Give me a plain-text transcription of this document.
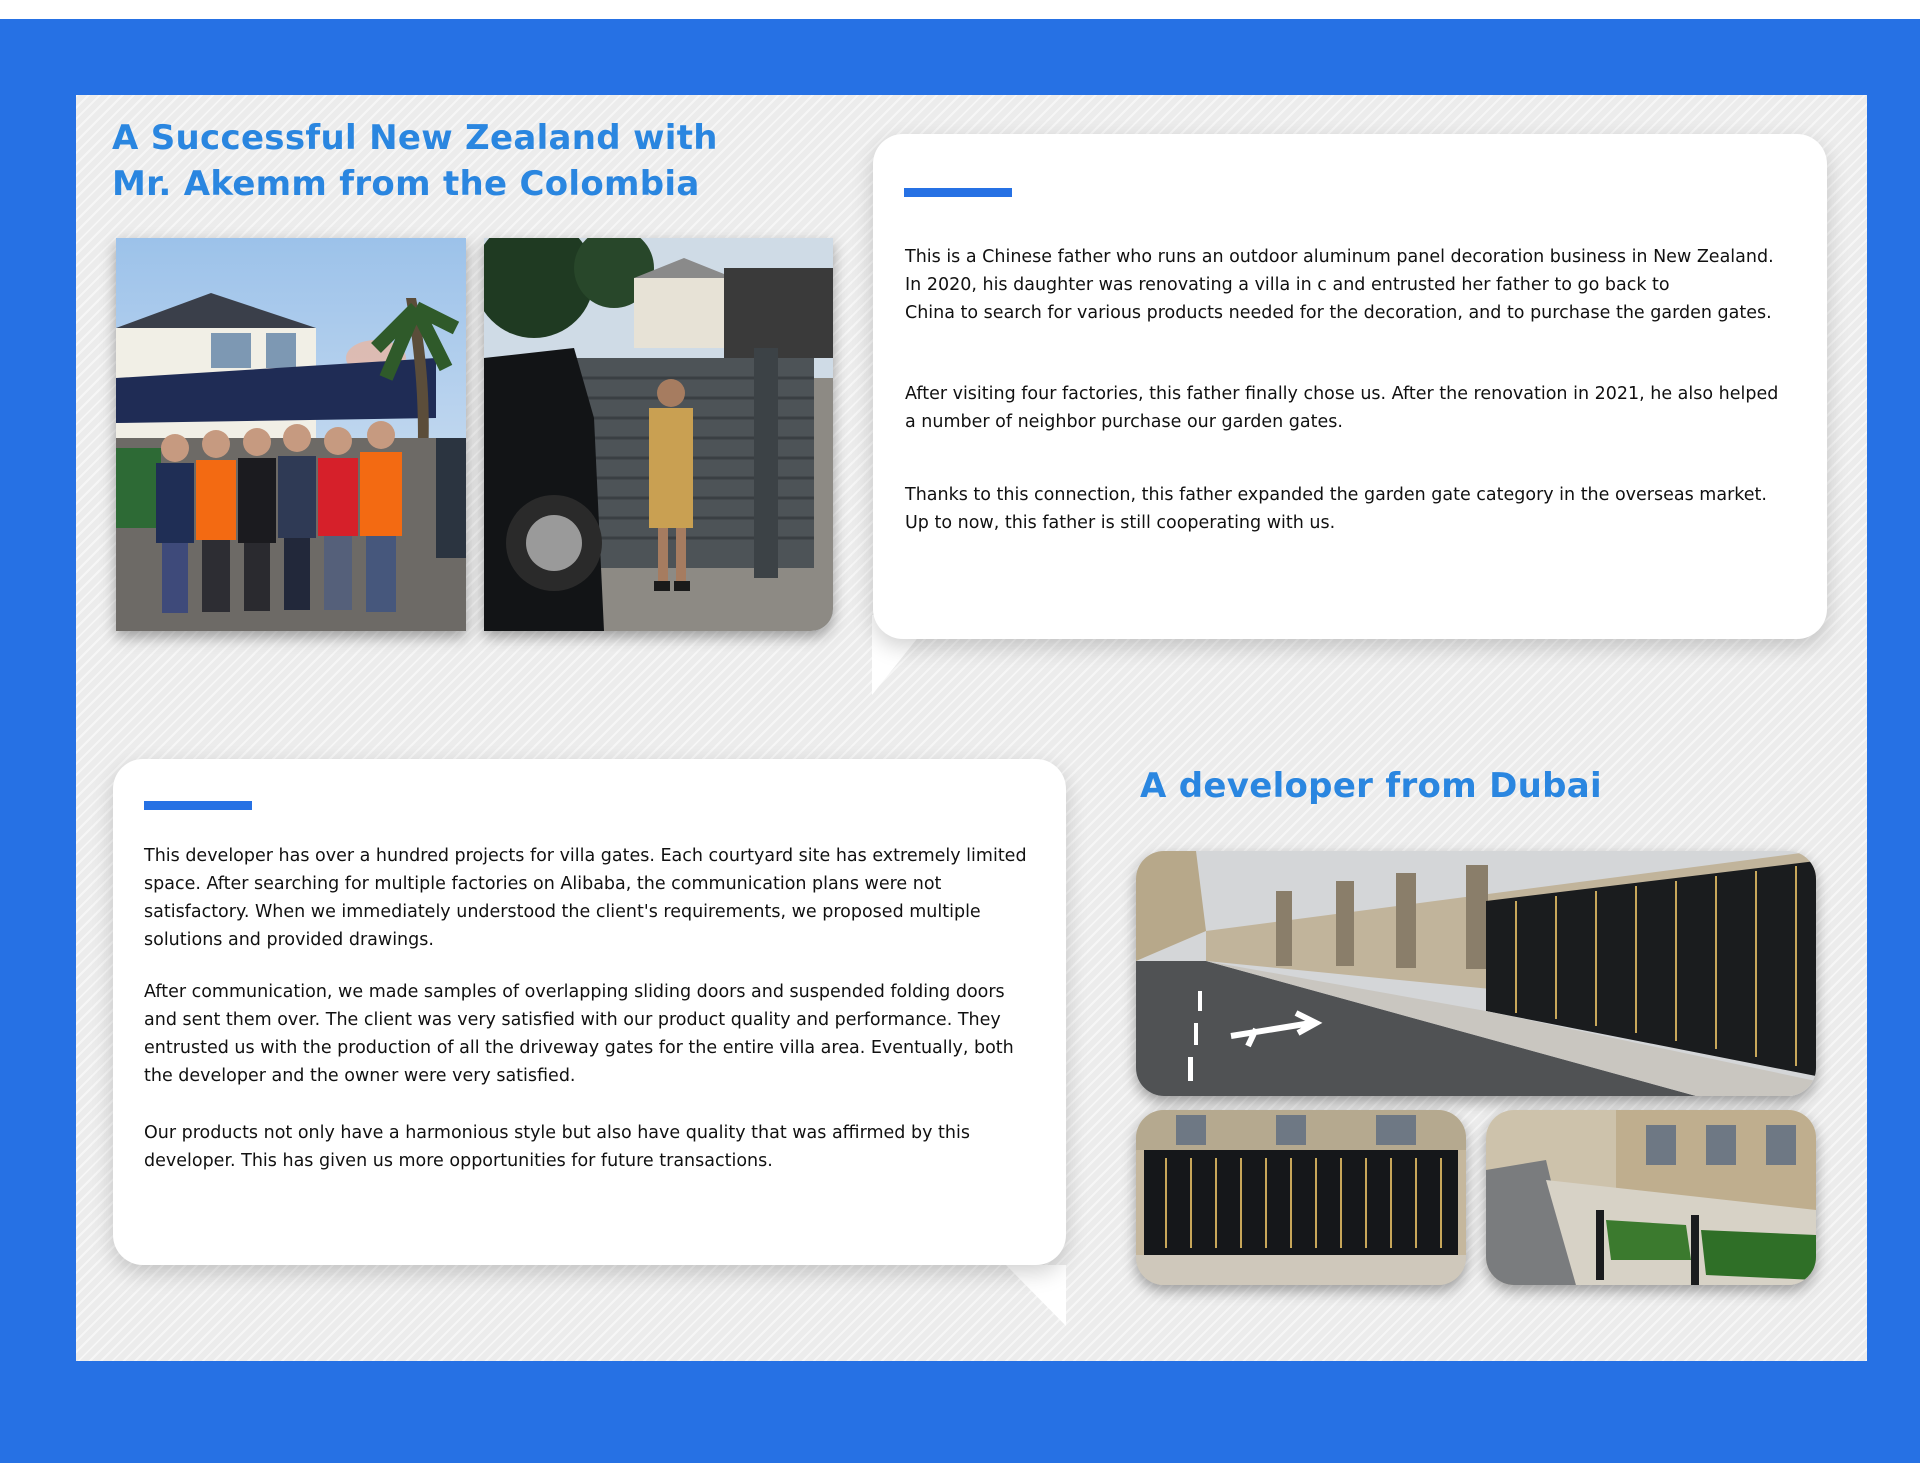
A Successful New Zealand with
Mr. Akemm from the Colombia

This is a Chinese father who runs an outdoor aluminum panel decoration business in New Zealand.
In 2020, his daughter was renovating a villa in c and entrusted her father to go back to
China to search for various products needed for the decoration, and to purchase the garden gates.

After visiting four factories, this father finally chose us. After the renovation in 2021, he also helped
a number of neighbor purchase our garden gates.

Thanks to this connection, this father expanded the garden gate category in the overseas market.
Up to now, this father is still cooperating with us.

This developer has over a hundred projects for villa gates. Each courtyard site has extremely limited
space. After searching for multiple factories on Alibaba, the communication plans were not
satisfactory. When we immediately understood the client's requirements, we proposed multiple
solutions and provided drawings.

After communication, we made samples of overlapping sliding doors and suspended folding doors
and sent them over. The client was very satisfied with our product quality and performance. They
entrusted us with the production of all the driveway gates for the entire villa area. Eventually, both
the developer and the owner were very satisfied.

Our products not only have a harmonious style but also have quality that was affirmed by this
developer. This has given us more opportunities for future transactions.

A developer from Dubai
